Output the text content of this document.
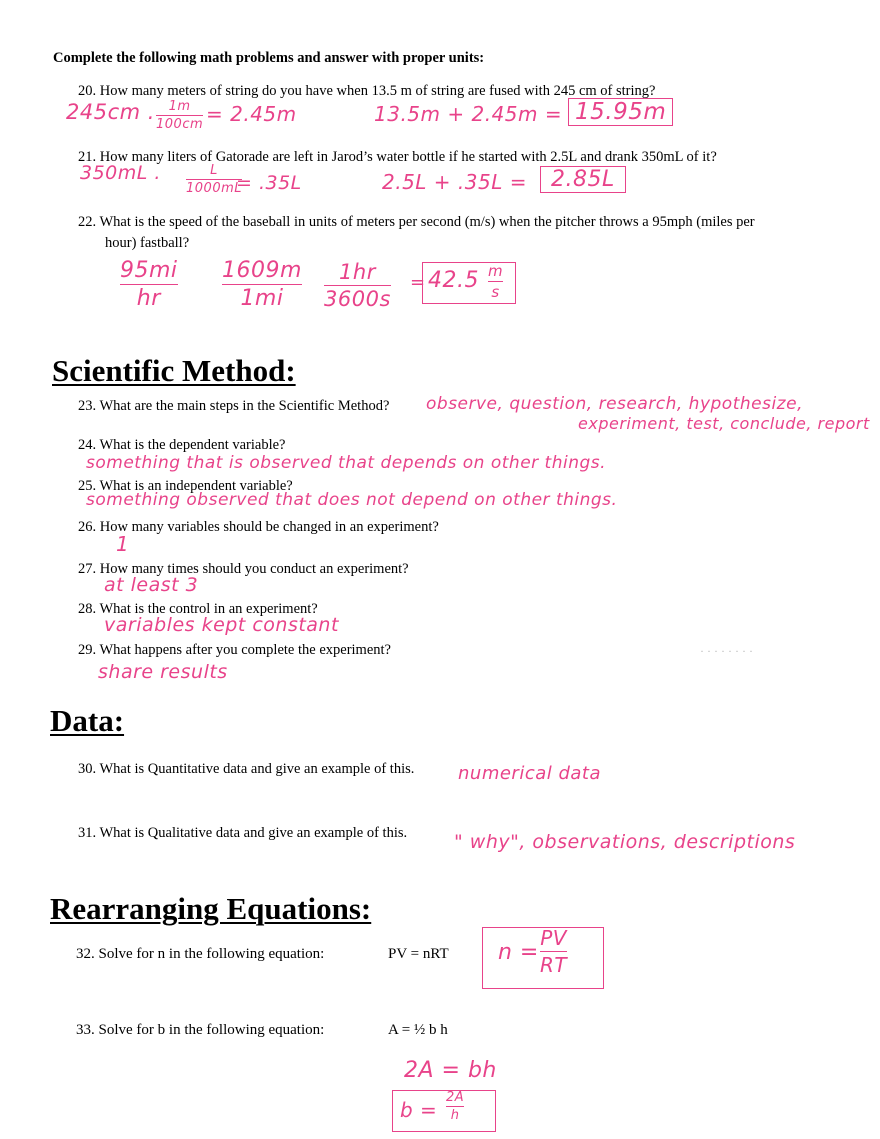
Complete the following math problems and answer with proper units:
20. How many meters of string do you have when 13.5 m of string are fused with 245 cm of string?
245cm .	1m
100cm = 2.45m	13.5m + 2.45m = 15.95m
21. How many liters of Gatorade are left in Jarod’s water bottle if he started with 2.5L and drank 350mL of it?
350mL .	L
1000mL
= .35L	2.5L + .35L =	2.85L
22. What is the speed of the baseball in units of meters per second (m/s) when the pitcher throws a 95mph (miles per
hour) fastball?
95mi
hr
1609m
1mi
1hr
3600s
= 42.5 m
s
Scientific Method:
23. What are the main steps in the Scientific Method? observe, question, research, hypothesize,
experiment, test, conclude, report
24. What is the dependent variable?
something that is observed that depends on other things.
25. What is an independent variable?
something observed that does not depend on other things.
26. How many variables should be changed in an experiment?
1
27. How many times should you conduct an experiment?
at least 3
28. What is the control in an experiment?
variables kept constant
29. What happens after you complete the experiment?
share results
· · · · · · · ·
Data:
30. What is Quantitative data and give an example of this. numerical data
31. What is Qualitative data and give an example of this. " why", observations, descriptions
Rearranging Equations:
32. Solve for n in the following equation:	PV = nRT n =
PV
RT
33. Solve for b in the following equation:	A = ½ b h
2A = bh
b =
2A
h
